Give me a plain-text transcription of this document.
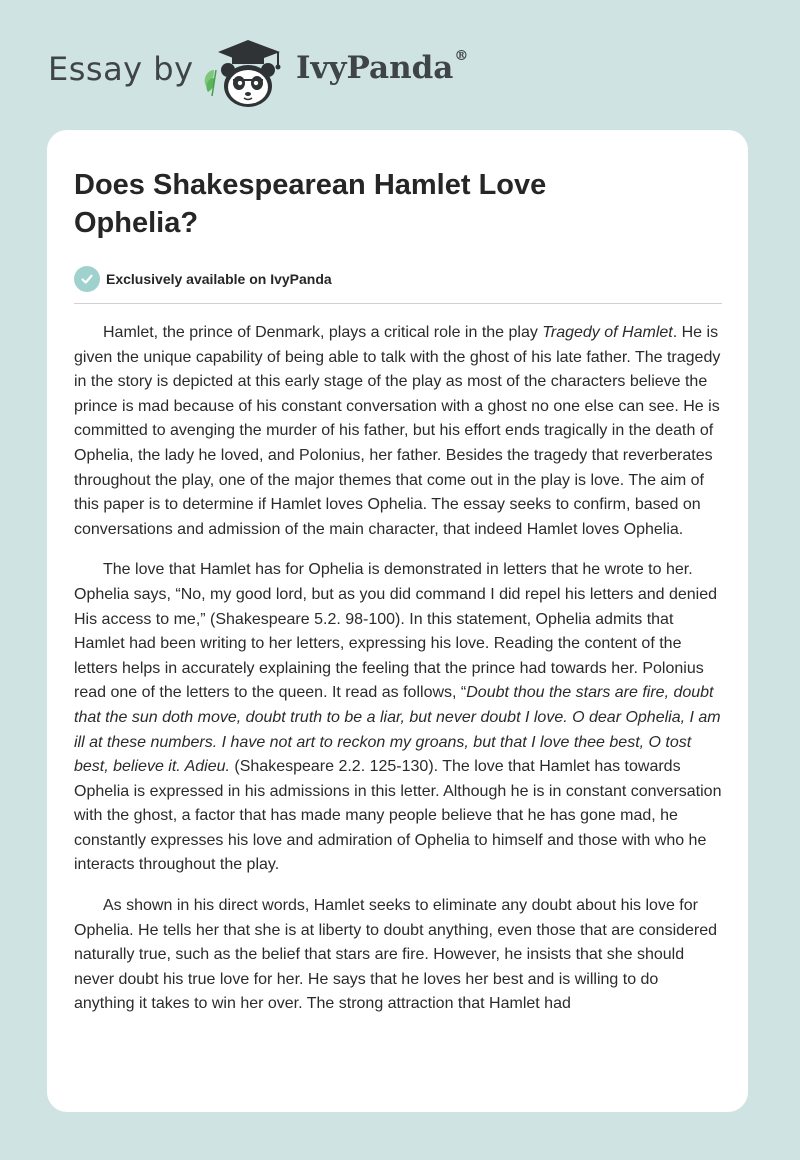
Essay by	IvyPanda®
Does Shakespearean Hamlet Love Ophelia?
Exclusively available on IvyPanda

Hamlet, the prince of Denmark, plays a critical role in the play Tragedy of Hamlet. He is given the unique capability of being able to talk with the ghost of his late father. The tragedy in the story is depicted at this early stage of the play as most of the characters believe the prince is mad because of his constant conversation with a ghost no one else can see. He is committed to avenging the murder of his father, but his effort ends tragically in the death of Ophelia, the lady he loved, and Polonius, her father. Besides the tragedy that reverberates throughout the play, one of the major themes that come out in the play is love. The aim of this paper is to determine if Hamlet loves Ophelia. The essay seeks to confirm, based on conversations and admission of the main character, that indeed Hamlet loves Ophelia.

The love that Hamlet has for Ophelia is demonstrated in letters that he wrote to her. Ophelia says, “No, my good lord, but as you did command I did repel his letters and denied His access to me,” (Shakespeare 5.2. 98-100). In this statement, Ophelia admits that Hamlet had been writing to her letters, expressing his love. Reading the content of the letters helps in accurately explaining the feeling that the prince had towards her. Polonius read one of the letters to the queen. It read as follows, “Doubt thou the stars are fire, doubt that the sun doth move, doubt truth to be a liar, but never doubt I love. O dear Ophelia, I am ill at these numbers. I have not art to reckon my groans, but that I love thee best, O tost best, believe it. Adieu. (Shakespeare 2.2. 125-130). The love that Hamlet has towards Ophelia is expressed in his admissions in this letter. Although he is in constant conversation with the ghost, a factor that has made many people believe that he has gone mad, he constantly expresses his love and admiration of Ophelia to himself and those with who he interacts throughout the play.

As shown in his direct words, Hamlet seeks to eliminate any doubt about his love for Ophelia. He tells her that she is at liberty to doubt anything, even those that are considered naturally true, such as the belief that stars are fire. However, he insists that she should never doubt his true love for her. He says that he loves her best and is willing to do anything it takes to win her over. The strong attraction that Hamlet had
